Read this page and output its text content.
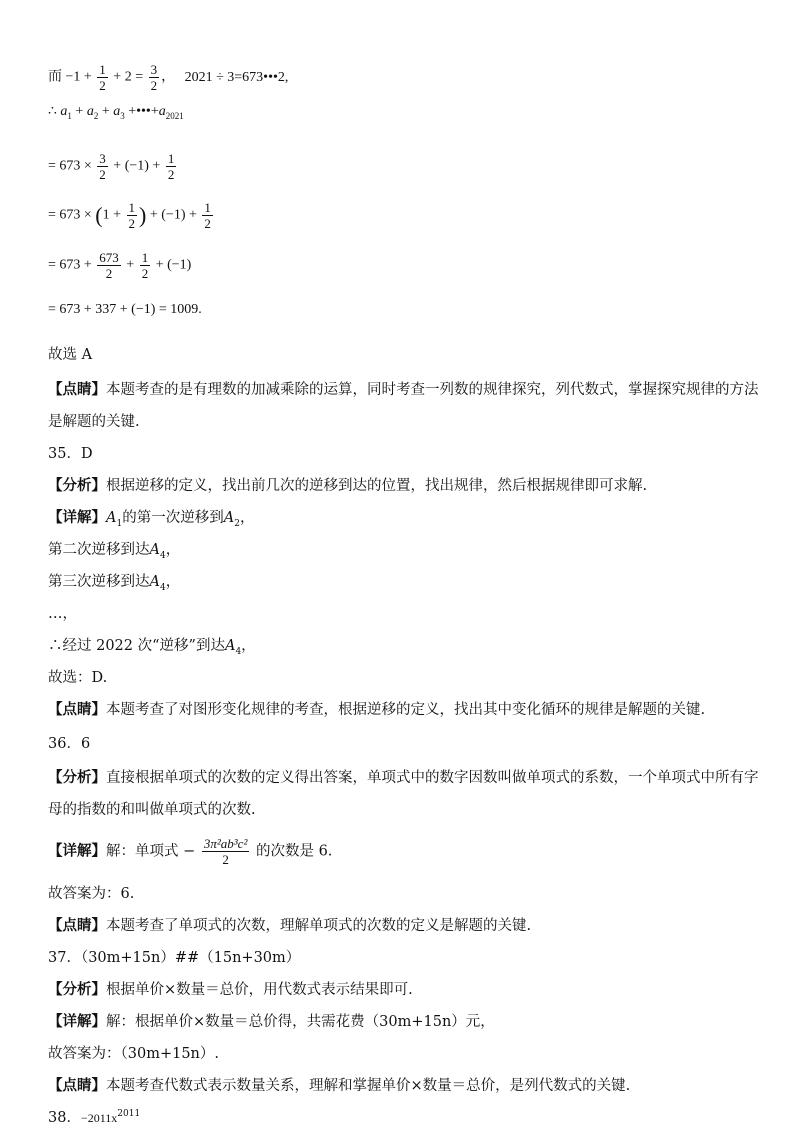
而 $-1 + \frac{1}{2} + 2 = \frac{3}{2}$ ， 2021 ÷ 3=673•••2,
∴ $a_1 + a_2 + a_3$ $+•••+a_{2021}$
= $673 \times \frac{3}{2} + (-1) + \frac{1}{2}$
= $673 \times (1 + \frac{1}{2}$ ) + $(-1) + \frac{1}{2}$
= $673 + \frac{673}{2} + \frac{1}{2} + (-1)$
= 673 + 337 + (−1) = 1009.
故选 A
【点睛】本题考查的是有理数的加减乘除的运算，同时考查一列数的规律探究，列代数式，掌握探究规律的方法
是解题的关键.
35．D
【分析】根据逆移的定义，找出前几次的逆移到达的位置，找出规律，然后根据规律即可求解.
【详解】$A_1$的第一次逆移到$A_2$，
第二次逆移到达$A_4$，
第三次逆移到达$A_4$，
…，
∴经过 2022 次“逆移”到达$A_4$，
故选：D.
【点睛】本题考查了对图形变化规律的考查，根据逆移的定义，找出其中变化循环的规律是解题的关键.
36．6
【分析】直接根据单项式的次数的定义得出答案，单项式中的数字因数叫做单项式的系数，一个单项式中所有字
母的指数的和叫做单项式的次数.
【详解】解：单项式 − $\frac{\text{3π²ab³c²}}{2}$ 的次数是 6.
故答案为：6.
【点睛】本题考查了单项式的次数，理解单项式的次数的定义是解题的关键.
37．（30m+15n）##（15n+30m）
【分析】根据单价×数量＝总价，用代数式表示结果即可.
【详解】解：根据单价×数量＝总价得，共需花费（30m+15n）元，
故答案为：（30m+15n）.
【点睛】本题考查代数式表示数量关系，理解和掌握单价×数量＝总价，是列代数式的关键.
38．$-2011x^{2011}$
